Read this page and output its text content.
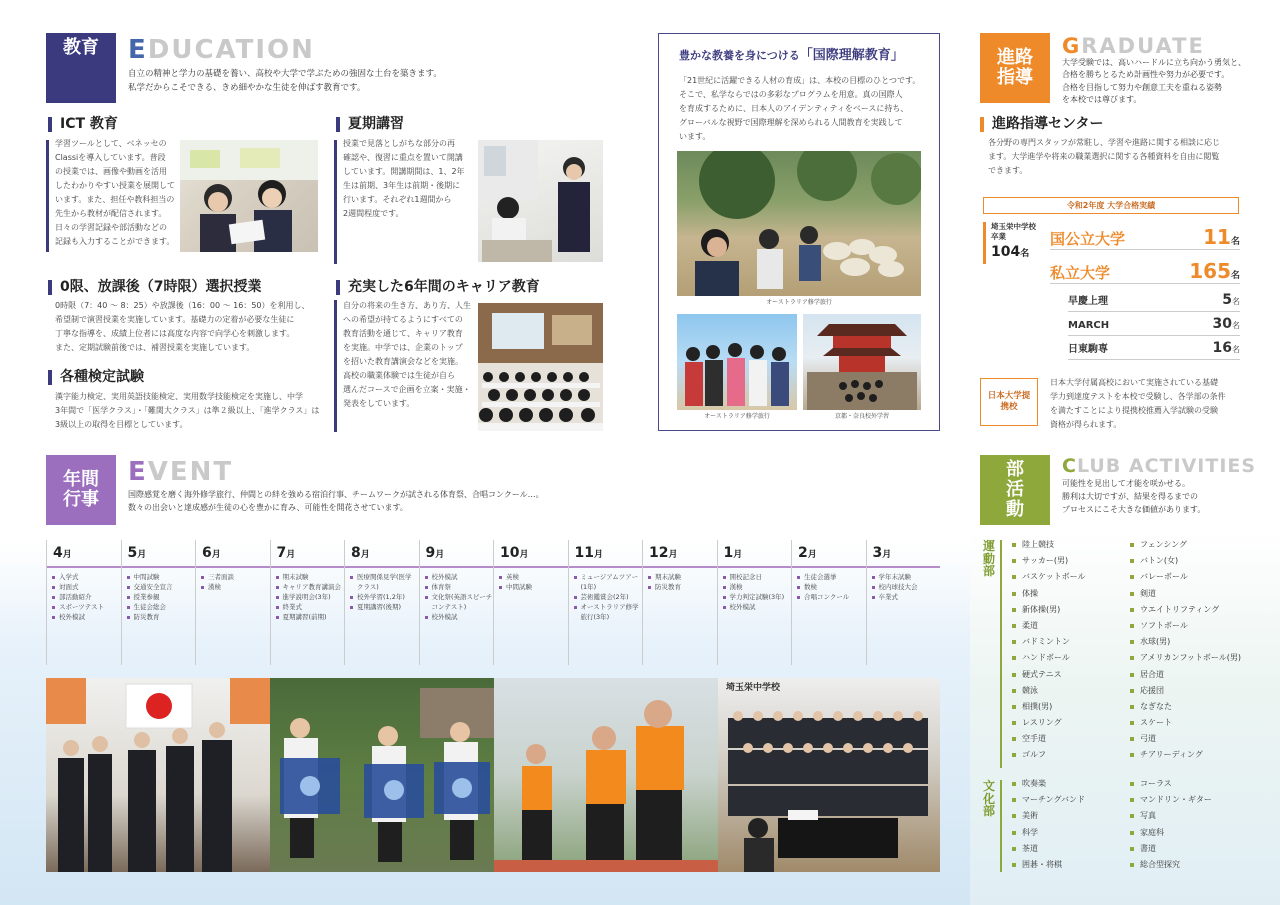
教育 EDUCATION
自立の精神と学力の基礎を養い、高校や大学で学ぶための強固な土台を築きます。
私学だからこそできる、きめ細やかな生徒を伸ばす教育です。
ICT 教育
学習ツールとして、ベネッセの
Classiを導入しています。普段
の授業では、画像や動画を活用
したわかりやすい授業を展開して
います。また、担任や教科担当の
先生から教材が配信されます。
日々の学習記録や部活動などの
記録も入力することができます。
夏期講習
授業で見落としがちな部分の再
確認や、復習に重点を置いて開講
しています。開講期間は、1、2年
生は前期、3年生は前期・後期に
行います。それぞれ1週間から
2週間程度です。
0限、放課後（7時限）選択授業
0時限（7：40 ～ 8：25）や放課後（16：00 ～ 16：50）を利用し、
希望制で演習授業を実施しています。基礎力の定着が必要な生徒に
丁寧な指導を、成績上位者には高度な内容で向学心を刺激します。
また、定期試験前後では、補習授業を実施しています。
各種検定試験
漢字能力検定、実用英語技能検定、実用数学技能検定を実施し、中学
3年間で「医学クラス」・「難関大クラス」は準２級以上、「進学クラス」は
3級以上の取得を目標としています。
充実した6年間のキャリア教育
自分の将来の生き方、あり方、人生
への希望が持てるようにすべての
教育活動を通じて、キャリア教育
を実施。中学では、企業のトップ
を招いた教育講演会などを実施。
高校の職業体験では生徒が自ら
選んだコースで企画を立案・実施・
発表をしています。
豊かな教養を身につける「国際理解教育」
「21世紀に活躍できる人材の育成」は、本校の目標のひとつです。
そこで、私学ならではの多彩なプログラムを用意。真の国際人
を育成するために、日本人のアイデンティティをベースに持ち、
グローバルな視野で国際理解を深められる人間教育を実践して
います。
オーストラリア修学旅行
オーストラリア修学旅行	京都・奈良校外学習
進路指導
GRADUATE
大学受験では、高いハードルに立ち向かう勇気と、
合格を勝ちとるため計画性や努力が必要です。
合格を目指して努力や創意工夫を重ねる姿勢
を本校では尊びます。
進路指導センター
各分野の専門スタッフが常駐し、学習や進路に関する相談に応じ
ます。大学進学や将来の職業選択に関する各種資料を自由に閲覧
できます。
令和2年度 大学合格実績
埼玉栄中学校卒業
104名
国公立大学	11名
私立大学	165名
早慶上理	5名
MARCH	30名
日東駒専	16名
日本大学提携校
日本大学付属高校において実施されている基礎
学力到達度テストを本校で受験し、各学部の条件
を満たすことにより提携校推薦入学試験の受験
資格が得られます。
年間行事
EVENT
国際感覚を磨く海外修学旅行、仲間との絆を強める宿泊行事、チームワークが試される体育祭、合唱コンクール…。
数々の出会いと達成感が生徒の心を豊かに育み、可能性を開花させています。
4月
入学式
対面式
部活動紹介
スポーツテスト
校外模試
5月
中間試験
交通安全宣言
授業参観
生徒会総会
防災教育
6月
三者面談
漢検
7月
期末試験
キャリア教育講演会
進学説明会(3年)
終業式
夏期講習(前期)
8月
医療関係見学(医学クラス)
校外学習(1,2年)
夏期講習(後期)
9月
校外模試
体育祭
文化祭(英語スピーチコンテスト)
校外模試
10月
英検
中間試験
11月
ミュージアムツアー(1年)
芸術鑑賞会(2年)
オーストラリア修学旅行(3年)
12月
期末試験
防災教育
1月
開校記念日
漢検
学力判定試験(3年)
校外模試
2月
生徒会選挙
数検
合唱コンクール
3月
学年末試験
校内球技大会
卒業式
埼玉栄中学校
部活動
CLUB ACTIVITIES
可能性を見出して才能を咲かせる。
勝利は大切ですが、結果を得るまでの
プロセスにこそ大きな価値があります。
運動部
陸上競技
サッカー(男)
バスケットボール
体操
新体操(男)
柔道
バドミントン
ハンドボール
硬式テニス
競泳
相撲(男)
レスリング
空手道
ゴルフ
フェンシング
バトン(女)
バレーボール
剣道
ウエイトリフティング
ソフトボール
水球(男)
アメリカンフットボール(男)
居合道
応援団
なぎなた
スケート
弓道
チアリーディング
文化部
吹奏楽
マーチングバンド
美術
科学
茶道
囲碁・将棋
コーラス
マンドリン・ギター
写真
家庭科
書道
総合型探究
